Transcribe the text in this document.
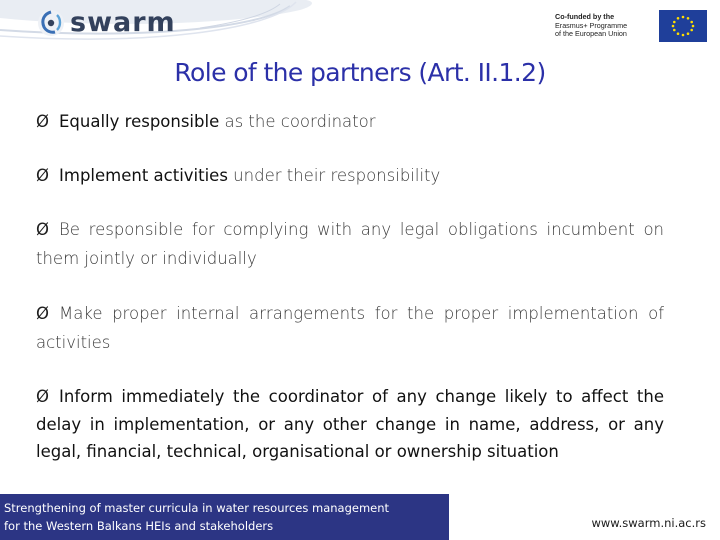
swarm	Co-funded by the
Erasmus+ Programme
of the European Union
Role of the partners (Art. II.1.2)
Ø Equally responsible as the coordinator
Ø Implement activities under their responsibility
Ø Be responsible for complying with any legal obligations incumbent on them jointly or individually
Ø Make proper internal arrangements for the proper implementation of activities
Ø Inform immediately the coordinator of any change likely to affect the delay in implementation, or any other change in name, address, or any legal, financial, technical, organisational or ownership situation
Strengthening of master curricula in water resources management
for the Western Balkans HEIs and stakeholders	www.swarm.ni.ac.rs
